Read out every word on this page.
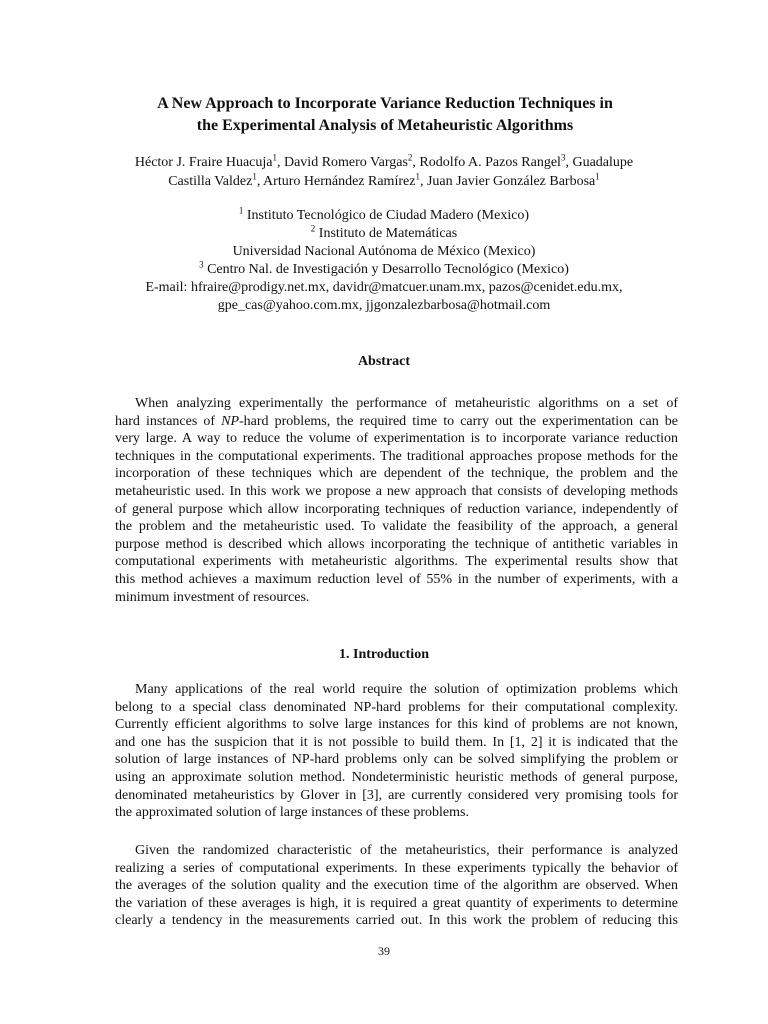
A New Approach to Incorporate Variance Reduction Techniques in
the Experimental Analysis of Metaheuristic Algorithms
Héctor J. Fraire Huacuja$^1$, David Romero Vargas$^2$, Rodolfo A. Pazos Rangel$^3$, Guadalupe
Castilla Valdez$^1$, Arturo Hernández Ramírez$^1$, Juan Javier González Barbosa$^1$
$^1$ Instituto Tecnológico de Ciudad Madero (Mexico)
$^2$ Instituto de Matemáticas
Universidad Nacional Autónoma de México (Mexico)
$^3$ Centro Nal. de Investigación y Desarrollo Tecnológico (Mexico)
E-mail: hfraire@prodigy.net.mx, davidr@matcuer.unam.mx, pazos@cenidet.edu.mx,
gpe_cas@yahoo.com.mx, jjgonzalezbarbosa@hotmail.com
Abstract
When analyzing experimentally the performance of metaheuristic algorithms on a set of
hard instances of NP-hard problems, the required time to carry out the experimentation can be
very large. A way to reduce the volume of experimentation is to incorporate variance reduction
techniques in the computational experiments. The traditional approaches propose methods for the
incorporation of these techniques which are dependent of the technique, the problem and the
metaheuristic used. In this work we propose a new approach that consists of developing methods
of general purpose which allow incorporating techniques of reduction variance, independently of
the problem and the metaheuristic used. To validate the feasibility of the approach, a general
purpose method is described which allows incorporating the technique of antithetic variables in
computational experiments with metaheuristic algorithms. The experimental results show that
this method achieves a maximum reduction level of 55% in the number of experiments, with a
minimum investment of resources.
1. Introduction
Many applications of the real world require the solution of optimization problems which
belong to a special class denominated NP-hard problems for their computational complexity.
Currently efficient algorithms to solve large instances for this kind of problems are not known,
and one has the suspicion that it is not possible to build them. In [1, 2] it is indicated that the
solution of large instances of NP-hard problems only can be solved simplifying the problem or
using an approximate solution method. Nondeterministic heuristic methods of general purpose,
denominated metaheuristics by Glover in [3], are currently considered very promising tools for
the approximated solution of large instances of these problems.
Given the randomized characteristic of the metaheuristics, their performance is analyzed
realizing a series of computational experiments. In these experiments typically the behavior of
the averages of the solution quality and the execution time of the algorithm are observed. When
the variation of these averages is high, it is required a great quantity of experiments to determine
clearly a tendency in the measurements carried out. In this work the problem of reducing this
39
